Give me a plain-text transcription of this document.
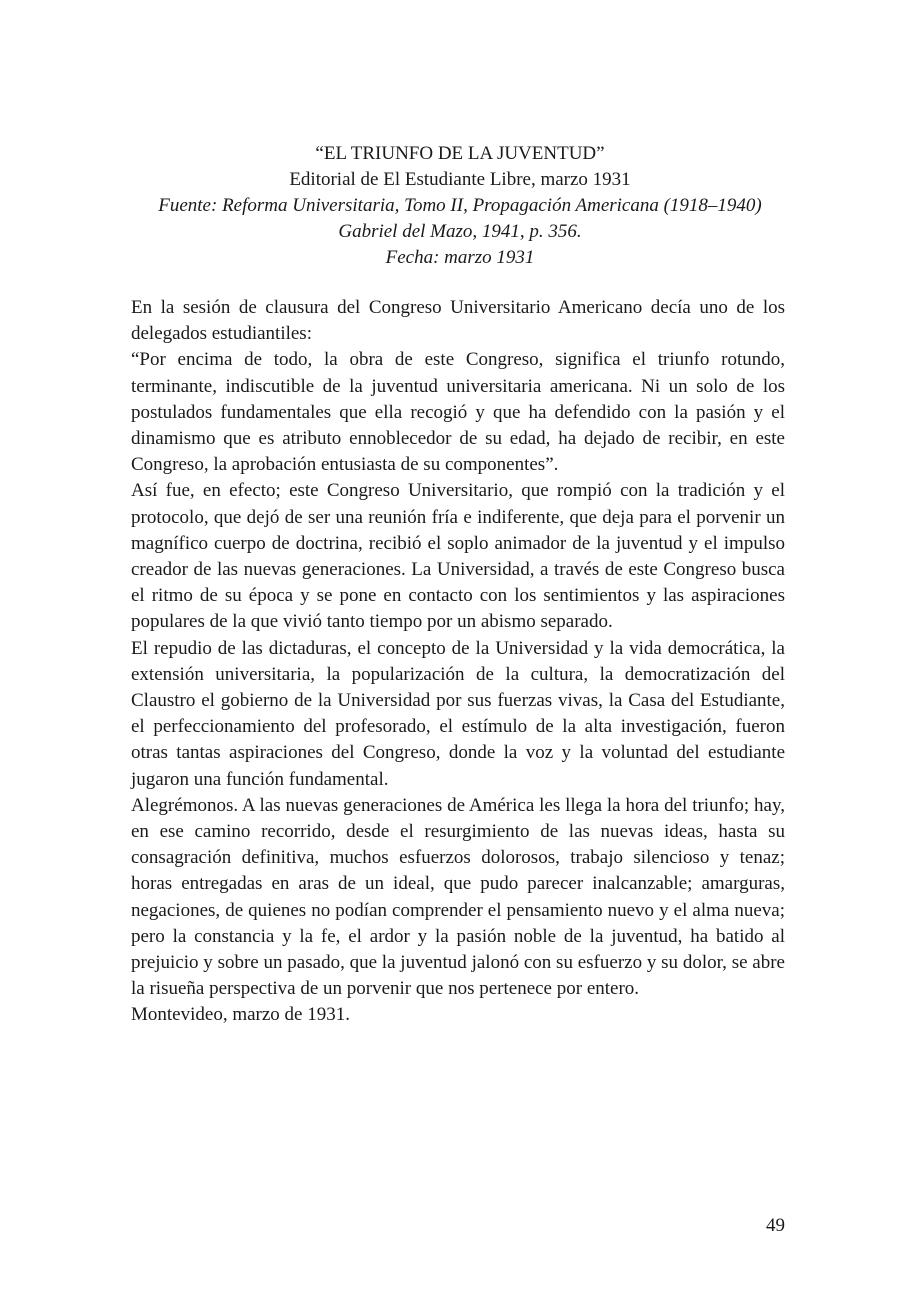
“EL TRIUNFO DE LA JUVENTUD”
Editorial de El Estudiante Libre, marzo 1931
Fuente: Reforma Universitaria, Tomo II, Propagación Americana (1918–1940)
Gabriel del Mazo, 1941, p. 356.
Fecha: marzo 1931

En la sesión de clausura del Congreso Universitario Americano decía uno de los delegados estudiantiles:

“Por encima de todo, la obra de este Congreso, significa el triunfo rotundo, terminante, indiscutible de la juventud universitaria americana. Ni un solo de los postulados fundamentales que ella recogió y que ha defendido con la pasión y el dinamismo que es atributo ennoblecedor de su edad, ha dejado de recibir, en este Congreso, la aprobación entusiasta de su componentes”.

Así fue, en efecto; este Congreso Universitario, que rompió con la tradición y el protocolo, que dejó de ser una reunión fría e indiferente, que deja para el porvenir un magnífico cuerpo de doctrina, recibió el soplo animador de la juventud y el impulso creador de las nuevas generaciones. La Universidad, a través de este Congreso busca el ritmo de su época y se pone en contacto con los sentimientos y las aspiraciones populares de la que vivió tanto tiempo por un abismo separado.

El repudio de las dictaduras, el concepto de la Universidad y la vida democrática, la extensión universitaria, la popularización de la cultura, la democratización del Claustro el gobierno de la Universidad por sus fuerzas vivas, la Casa del Estudiante, el perfeccionamiento del profesorado, el estímulo de la alta investigación, fueron otras tantas aspiraciones del Congreso, donde la voz y la voluntad del estudiante jugaron una función fundamental.

Alegrémonos. A las nuevas generaciones de América les llega la hora del triunfo; hay, en ese camino recorrido, desde el resurgimiento de las nuevas ideas, hasta su consagración definitiva, muchos esfuerzos dolorosos, trabajo silencioso y tenaz; horas entregadas en aras de un ideal, que pudo parecer inalcanzable; amarguras, negaciones, de quienes no podían comprender el pensamiento nuevo y el alma nueva; pero la constancia y la fe, el ardor y la pasión noble de la juventud, ha batido al prejuicio y sobre un pasado, que la juventud jalonó con su esfuerzo y su dolor, se abre la risueña perspectiva de un porvenir que nos pertenece por entero.

Montevideo, marzo de 1931.

49
